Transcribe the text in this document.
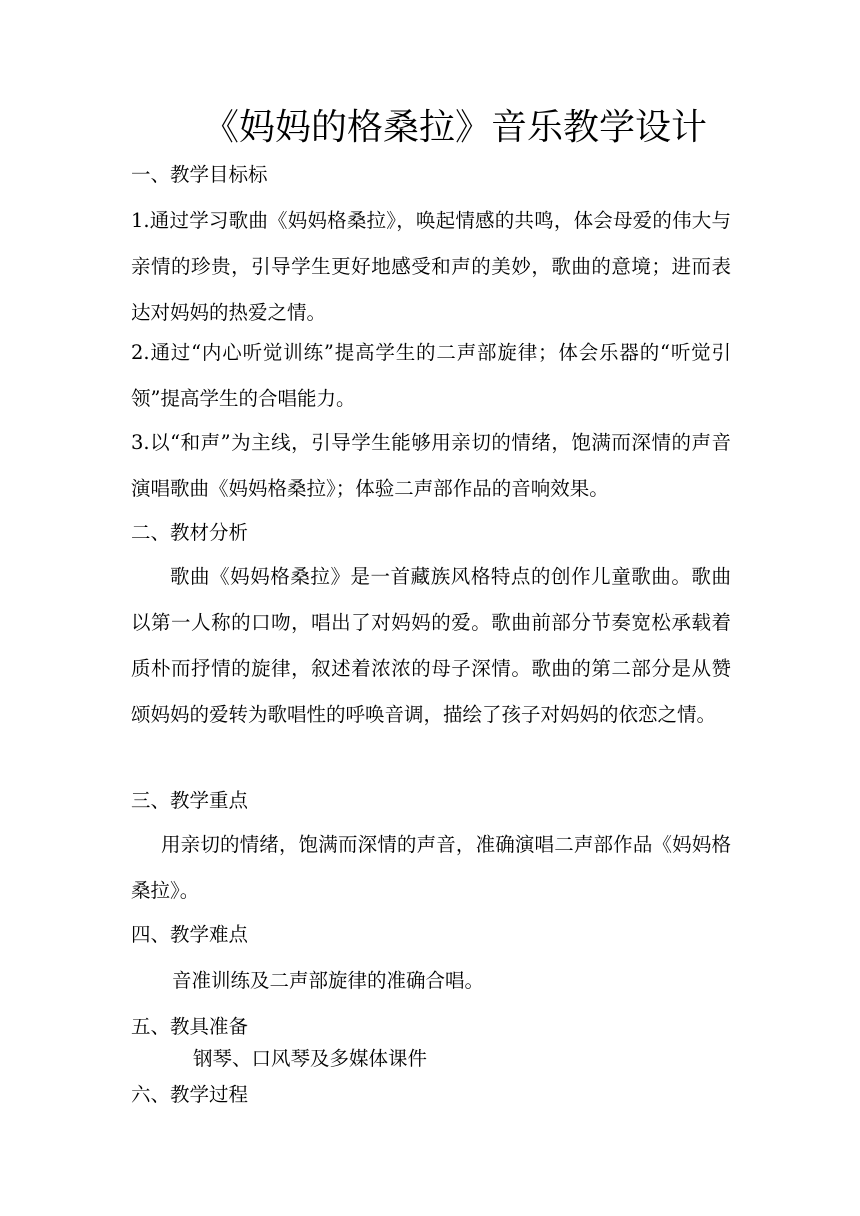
《妈妈的格桑拉》音乐教学设计
一、教学目标标

1.通过学习歌曲《妈妈格桑拉》，唤起情感的共鸣，体会母爱的伟大与亲情的珍贵，引导学生更好地感受和声的美妙，歌曲的意境；进而表达对妈妈的热爱之情。

2.通过“内心听觉训练”提高学生的二声部旋律；体会乐器的“听觉引领”提高学生的合唱能力。

3.以“和声”为主线，引导学生能够用亲切的情绪，饱满而深情的声音演唱歌曲《妈妈格桑拉》；体验二声部作品的音响效果。

二、教材分析

歌曲《妈妈格桑拉》是一首藏族风格特点的创作儿童歌曲。歌曲以第一人称的口吻，唱出了对妈妈的爱。歌曲前部分节奏宽松承载着质朴而抒情的旋律，叙述着浓浓的母子深情。歌曲的第二部分是从赞颂妈妈的爱转为歌唱性的呼唤音调，描绘了孩子对妈妈的依恋之情。

三、教学重点

用亲切的情绪，饱满而深情的声音，准确演唱二声部作品《妈妈格桑拉》。

四、教学难点

音准训练及二声部旋律的准确合唱。

五、教具准备

钢琴、口风琴及多媒体课件

六、教学过程
